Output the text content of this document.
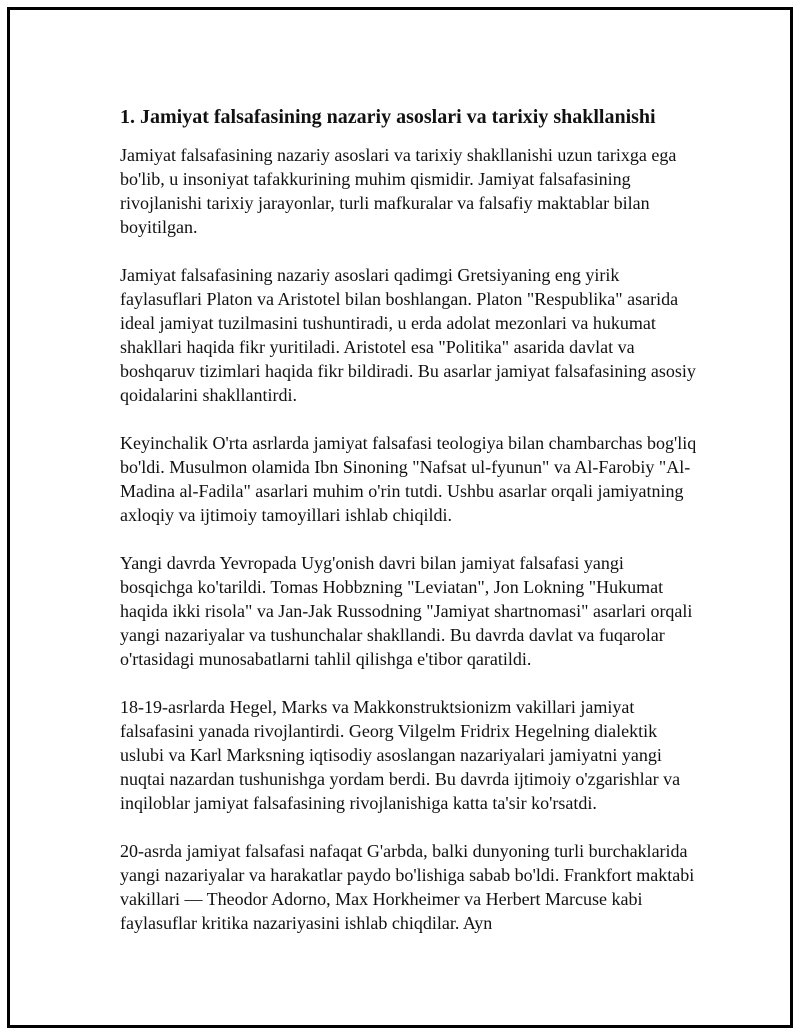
1. Jamiyat falsafasining nazariy asoslari va tarixiy shakllanishi

Jamiyat falsafasining nazariy asoslari va tarixiy shakllanishi uzun tarixga ega bo'lib, u insoniyat tafakkurining muhim qismidir. Jamiyat falsafasining rivojlanishi tarixiy jarayonlar, turli mafkuralar va falsafiy maktablar bilan boyitilgan.

Jamiyat falsafasining nazariy asoslari qadimgi Gretsiyaning eng yirik faylasuflari Platon va Aristotel bilan boshlangan. Platon "Respublika" asarida ideal jamiyat tuzilmasini tushuntiradi, u erda adolat mezonlari va hukumat shakllari haqida fikr yuritiladi. Aristotel esa "Politika" asarida davlat va boshqaruv tizimlari haqida fikr bildiradi. Bu asarlar jamiyat falsafasining asosiy qoidalarini shakllantirdi.

Keyinchalik O'rta asrlarda jamiyat falsafasi teologiya bilan chambarchas bog'liq bo'ldi. Musulmon olamida Ibn Sinoning "Nafsat ul-fyunun" va Al-Farobiy "Al-Madina al-Fadila" asarlari muhim o'rin tutdi. Ushbu asarlar orqali jamiyatning axloqiy va ijtimoiy tamoyillari ishlab chiqildi.

Yangi davrda Yevropada Uyg'onish davri bilan jamiyat falsafasi yangi bosqichga ko'tarildi. Tomas Hobbzning "Leviatan", Jon Lokning "Hukumat haqida ikki risola" va Jan-Jak Russodning "Jamiyat shartnomasi" asarlari orqali yangi nazariyalar va tushunchalar shakllandi. Bu davrda davlat va fuqarolar o'rtasidagi munosabatlarni tahlil qilishga e'tibor qaratildi.

18-19-asrlarda Hegel, Marks va Makkonstruktsionizm vakillari jamiyat falsafasini yanada rivojlantirdi. Georg Vilgelm Fridrix Hegelning dialektik uslubi va Karl Marksning iqtisodiy asoslangan nazariyalari jamiyatni yangi nuqtai nazardan tushunishga yordam berdi. Bu davrda ijtimoiy o'zgarishlar va inqiloblar jamiyat falsafasining rivojlanishiga katta ta'sir ko'rsatdi.

20-asrda jamiyat falsafasi nafaqat G'arbda, balki dunyoning turli burchaklarida yangi nazariyalar va harakatlar paydo bo'lishiga sabab bo'ldi. Frankfort maktabi vakillari — Theodor Adorno, Max Horkheimer va Herbert Marcuse kabi faylasuflar kritika nazariyasini ishlab chiqdilar. Ayn
